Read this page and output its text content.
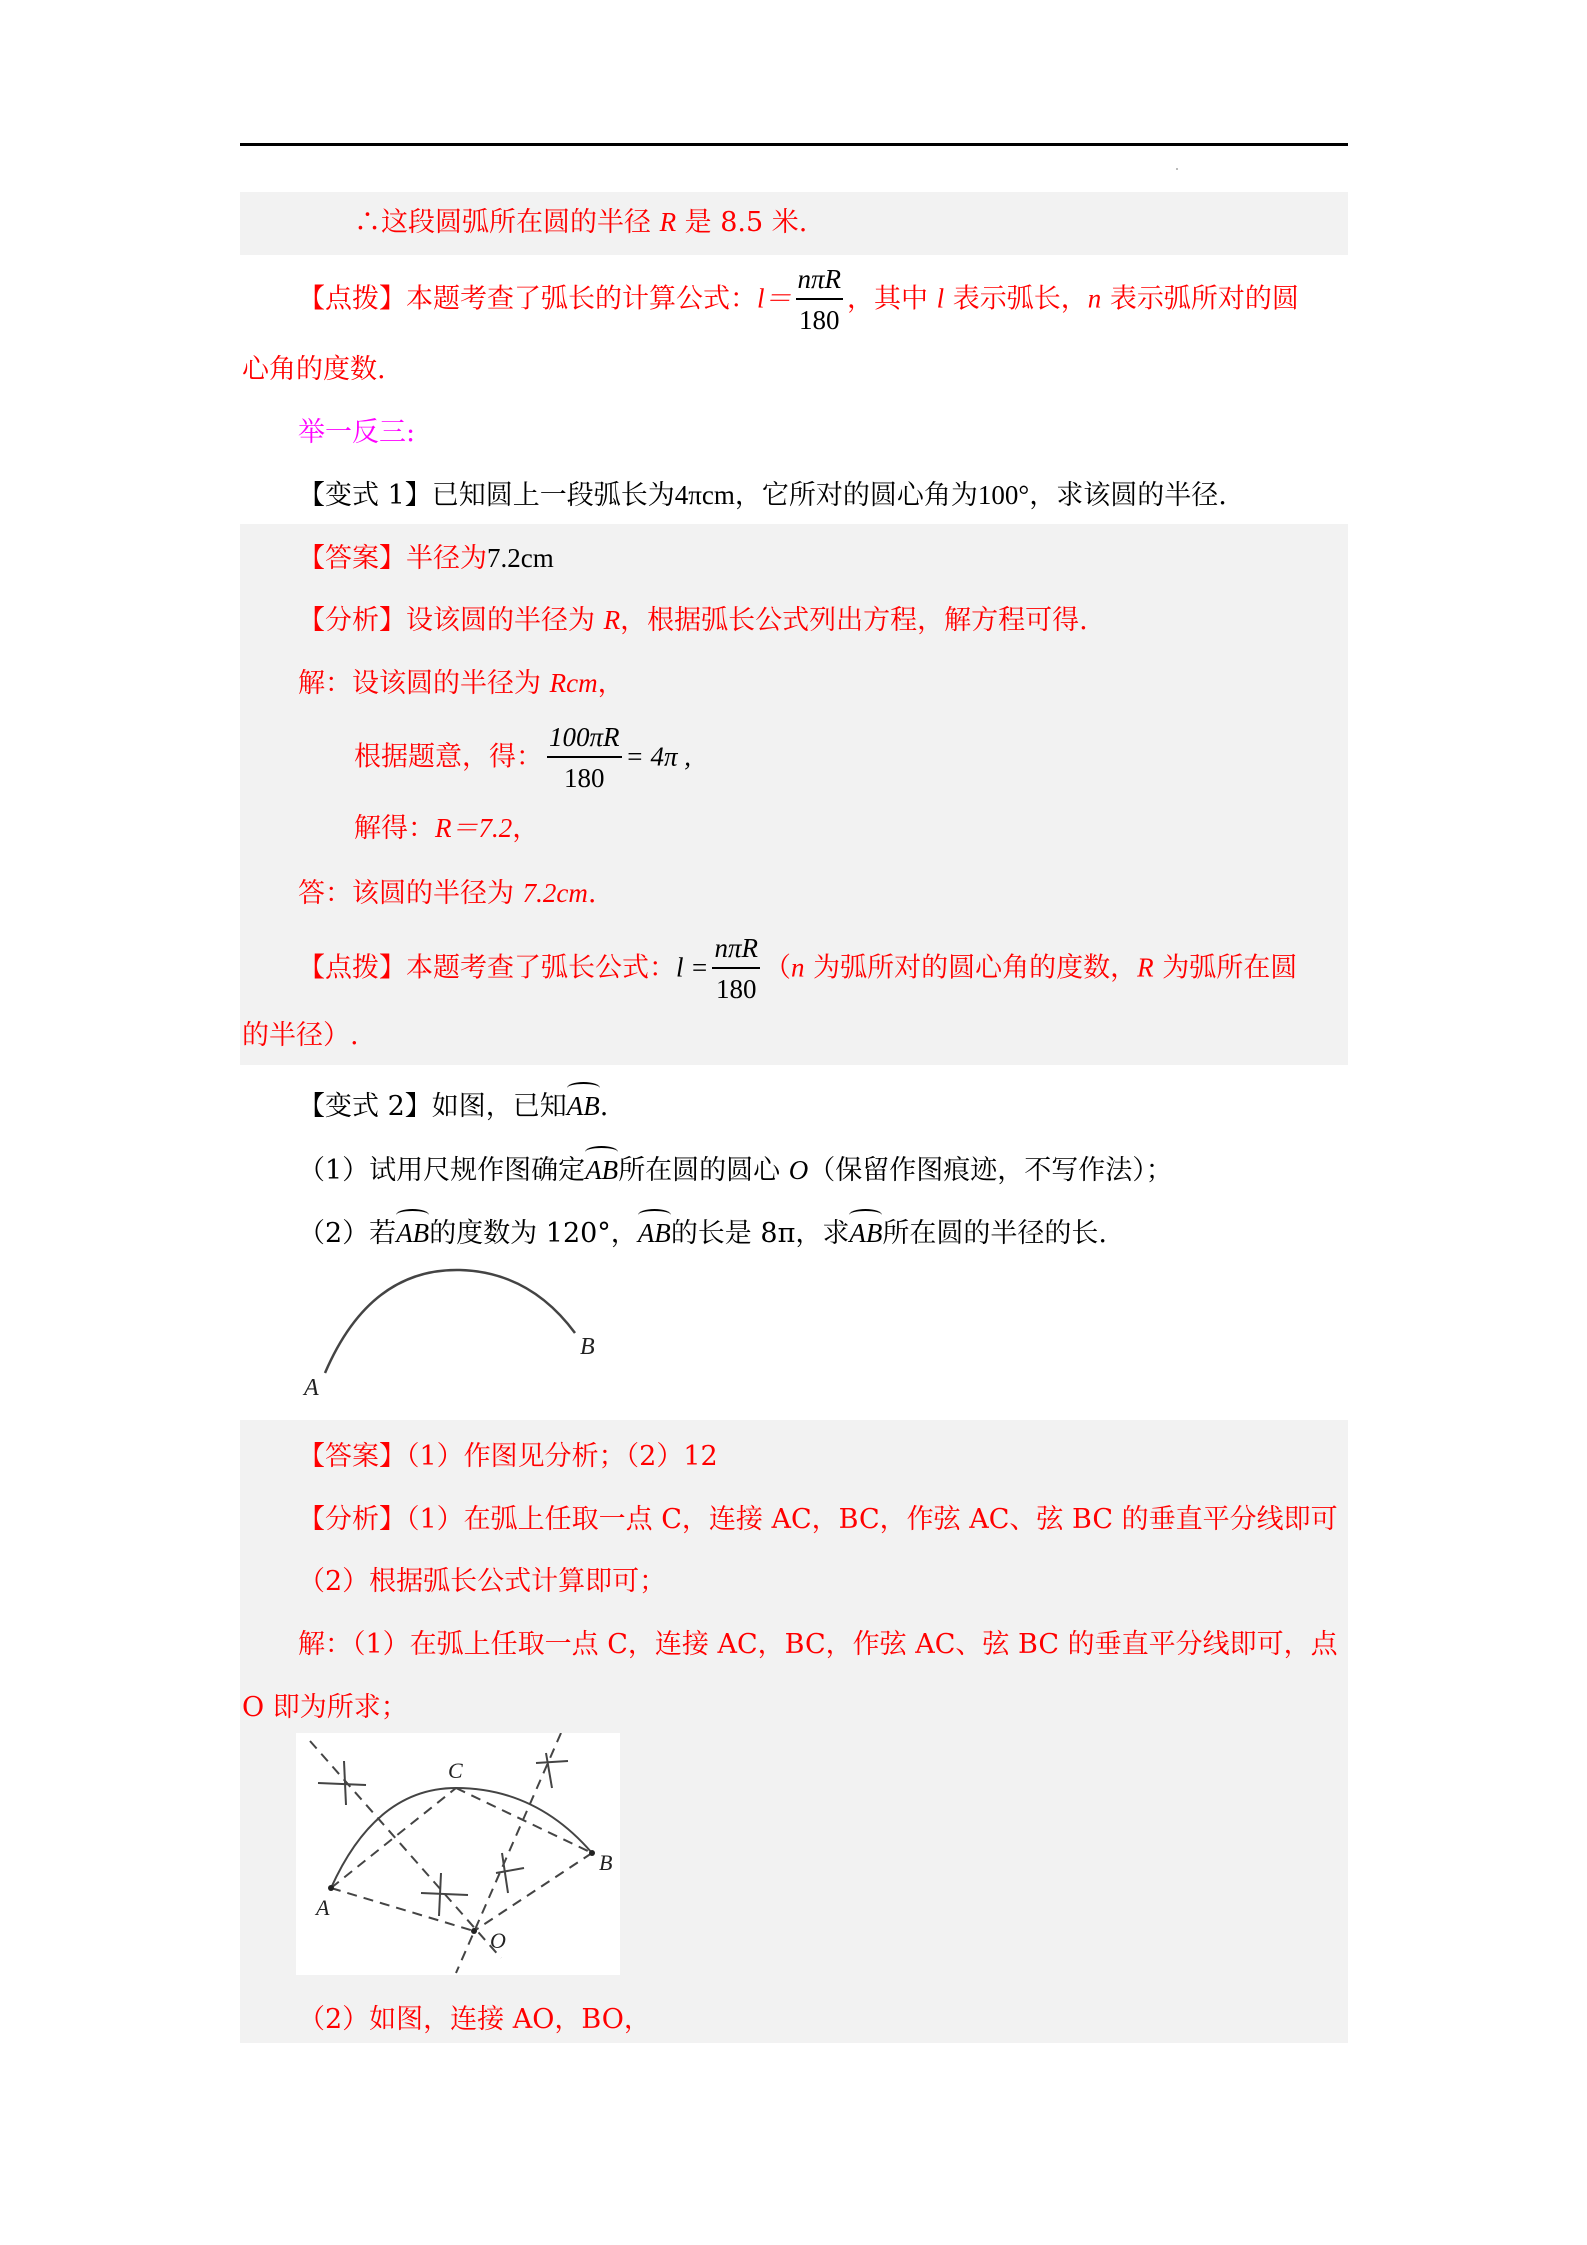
∴这段圆弧所在圆的半径 R 是 8.5 米.
【点拨】本题考查了弧长的计算公式：$l= \frac{\text{nπR}}{180}$ ，其中 l 表示弧长，n 表示弧所对的圆
心角的度数.
举一反三:
【变式 1】已知圆上一段弧长为4πcm，它所对的圆心角为100°，求该圆的半径.
【答案】半径为7.2cm
【分析】设该圆的半径为 R，根据弧长公式列出方程，解方程可得.
解：设该圆的半径为 Rcm，
根据题意，得： $\frac{100\pi R}{180} = 4\pi$ ,
解得：R＝7.2，
答：该圆的半径为 7.2cm.
【点拨】本题考查了弧长公式：$l = \frac{\text{nπR}}{180} (n$ 为弧所对的圆心角的度数，R 为弧所在圆
的半径）.
【变式 2】如图，已知AB.
（1）试用尺规作图确定AB所在圆的圆心 O（保留作图痕迹，不写作法）；
（2）若AB的度数为 120°，AB的长是 8π，求AB所在圆的半径的长.
A
B
【答案】（1）作图见分析；（2）12
【分析】（1）在弧上任取一点 C，连接 AC，BC，作弦 AC、弦 BC 的垂直平分线即可
（2）根据弧长公式计算即可；
解：（1）在弧上任取一点 C，连接 AC，BC，作弦 AC、弦 BC 的垂直平分线即可，点
O 即为所求；
A
B
C
O
（2）如图，连接 AO，BO，
